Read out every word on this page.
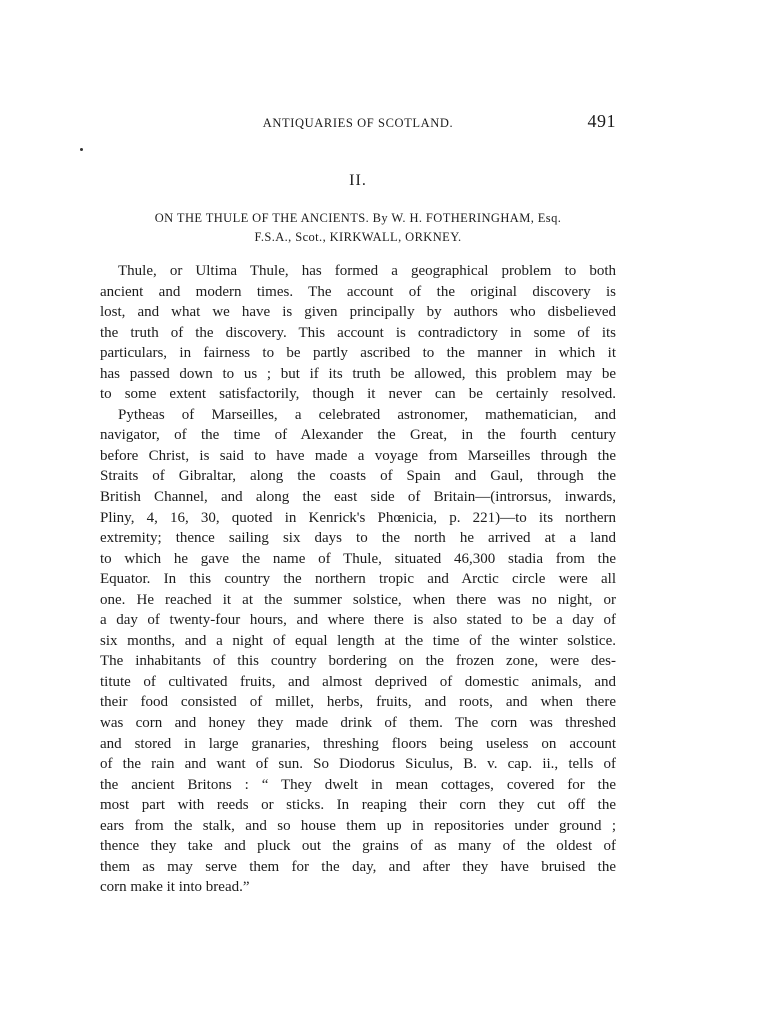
ANTIQUARIES OF SCOTLAND.	491
II.
ON THE THULE OF THE ANCIENTS. By W. H. FOTHERINGHAM, Esq.
F.S.A., Scot., KIRKWALL, ORKNEY.
Thule, or Ultima Thule, has formed a geographical problem to both
ancient and modern times. The account of the original discovery is
lost, and what we have is given principally by authors who disbelieved
the truth of the discovery. This account is contradictory in some of its
particulars, in fairness to be partly ascribed to the manner in which it
has passed down to us ; but if its truth be allowed, this problem may be
to some extent satisfactorily, though it never can be certainly resolved.
Pytheas of Marseilles, a celebrated astronomer, mathematician, and
navigator, of the time of Alexander the Great, in the fourth century
before Christ, is said to have made a voyage from Marseilles through the
Straits of Gibraltar, along the coasts of Spain and Gaul, through the
British Channel, and along the east side of Britain—(introrsus, inwards,
Pliny, 4, 16, 30, quoted in Kenrick's Phœnicia, p. 221)—to its northern
extremity; thence sailing six days to the north he arrived at a land
to which he gave the name of Thule, situated 46,300 stadia from the
Equator. In this country the northern tropic and Arctic circle were all
one. He reached it at the summer solstice, when there was no night, or
a day of twenty-four hours, and where there is also stated to be a day of
six months, and a night of equal length at the time of the winter solstice.
The inhabitants of this country bordering on the frozen zone, were des-
titute of cultivated fruits, and almost deprived of domestic animals, and
their food consisted of millet, herbs, fruits, and roots, and when there
was corn and honey they made drink of them. The corn was threshed
and stored in large granaries, threshing floors being useless on account
of the rain and want of sun. So Diodorus Siculus, B. v. cap. ii., tells of
the ancient Britons : “ They dwelt in mean cottages, covered for the
most part with reeds or sticks. In reaping their corn they cut off the
ears from the stalk, and so house them up in repositories under ground ;
thence they take and pluck out the grains of as many of the oldest of
them as may serve them for the day, and after they have bruised the
corn make it into bread.”
